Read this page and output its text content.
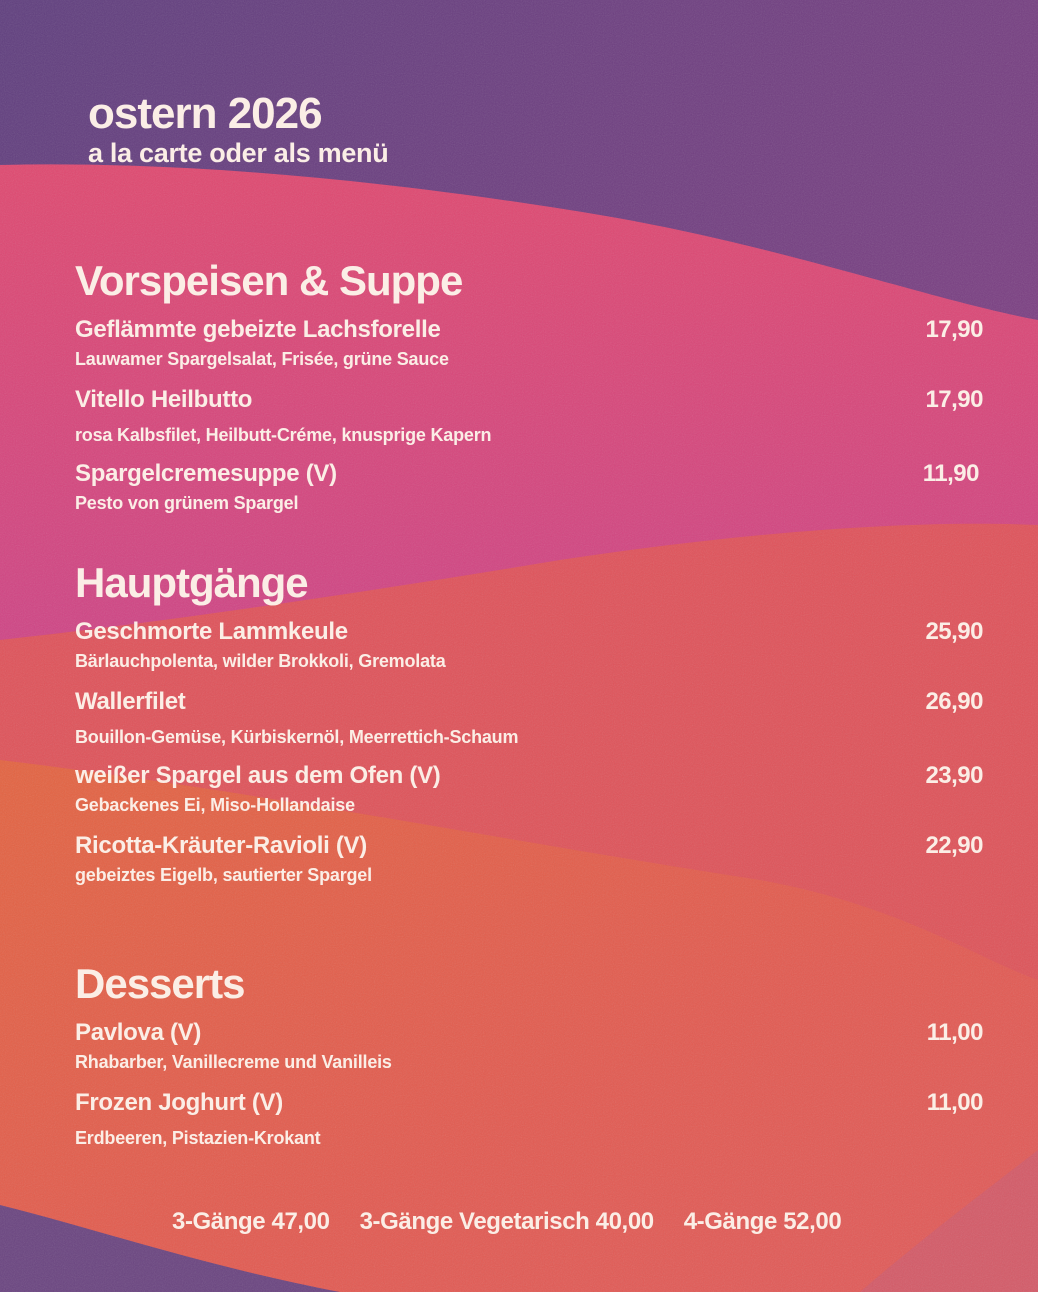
ostern 2026
a la carte oder als menü
Vorspeisen & Suppe
Geflämmte gebeizte Lachsforelle	17,90
Lauwamer Spargelsalat, Frisée, grüne Sauce
Vitello Heilbutto	17,90
rosa Kalbsfilet, Heilbutt-Créme, knusprige Kapern
Spargelcremesuppe (V)	11,90
Pesto von grünem Spargel
Hauptgänge
Geschmorte Lammkeule	25,90
Bärlauchpolenta, wilder Brokkoli, Gremolata
Wallerfilet	26,90
Bouillon-Gemüse, Kürbiskernöl, Meerrettich-Schaum
weißer Spargel aus dem Ofen (V)	23,90
Gebackenes Ei, Miso-Hollandaise
Ricotta-Kräuter-Ravioli (V)	22,90
gebeiztes Eigelb, sautierter Spargel
Desserts
Pavlova (V)	11,00
Rhabarber, Vanillecreme und Vanilleis
Frozen Joghurt (V)	11,00
Erdbeeren, Pistazien-Krokant
3-Gänge 47,00 3-Gänge Vegetarisch 40,00 4-Gänge 52,00
